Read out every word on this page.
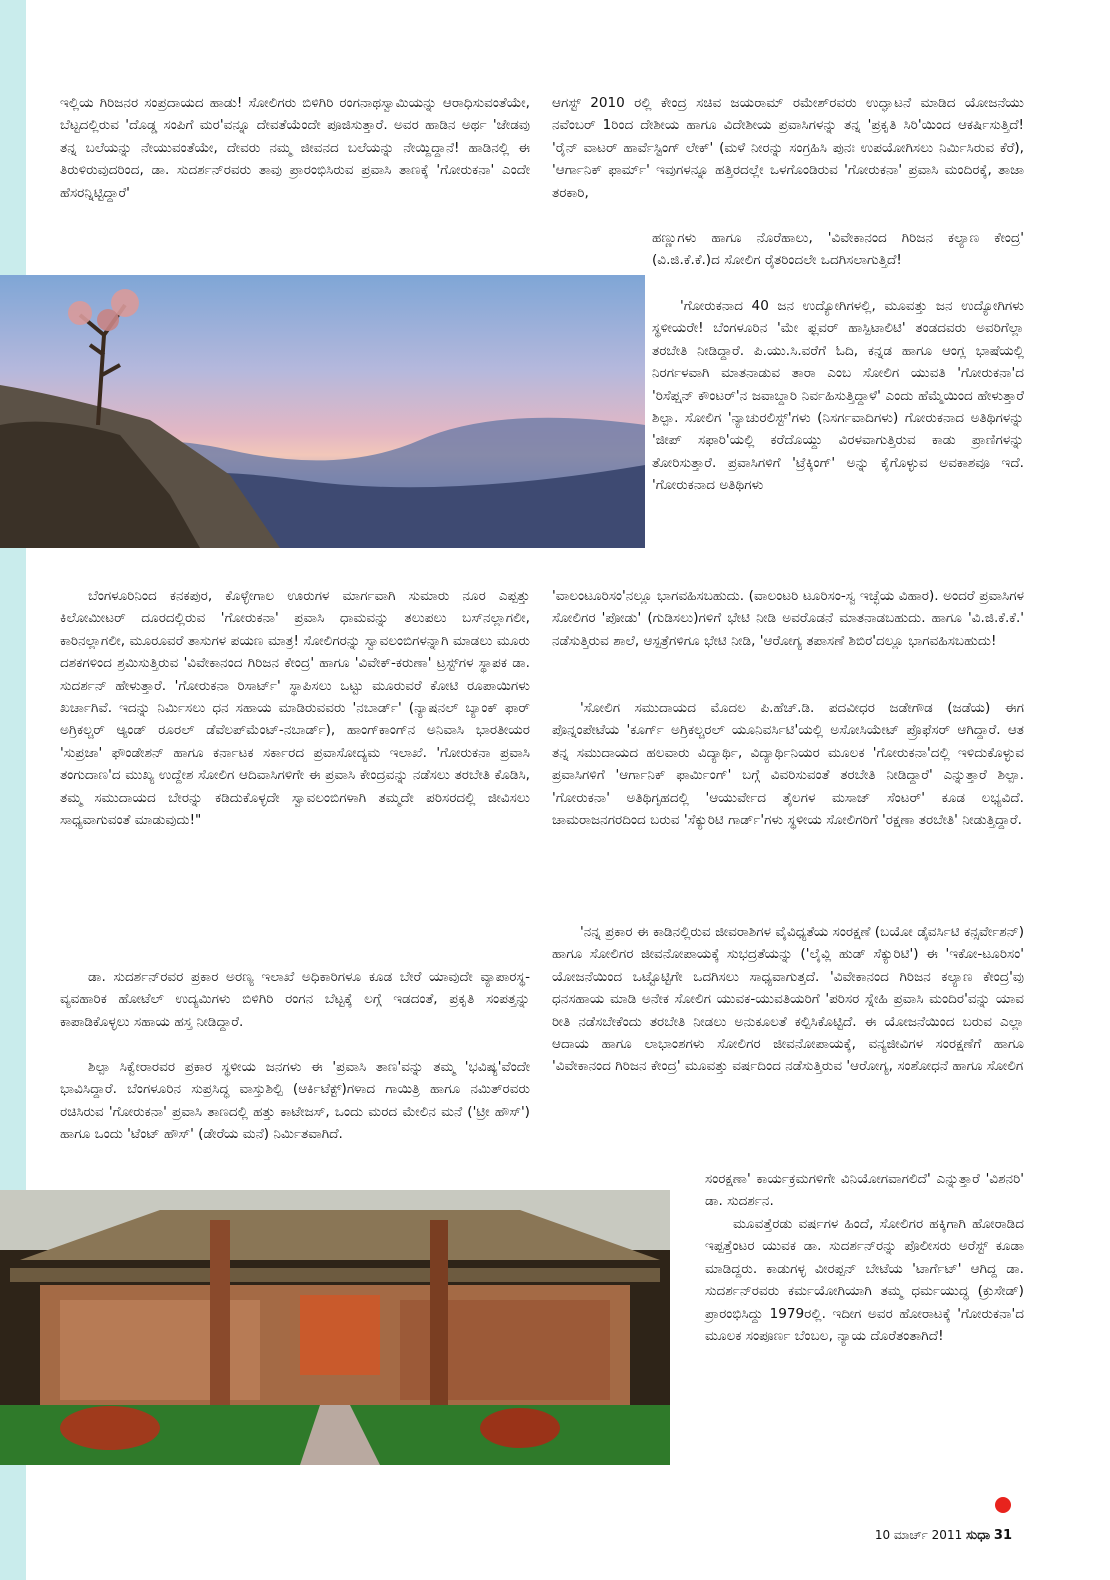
ಇಲ್ಲಿಯ ಗಿರಿಜನರ ಸಂಪ್ರದಾಯದ ಹಾಡು! ಸೋಲಿಗರು ಬಿಳಿಗಿರಿ ರಂಗನಾಥಸ್ವಾಮಿಯನ್ನು ಆರಾಧಿಸುವಂತೆಯೇ, ಬೆಟ್ಟದಲ್ಲಿರುವ 'ದೊಡ್ಡ ಸಂಪಿಗೆ ಮರ'ವನ್ನೂ ದೇವತೆಯೆಂದೇ ಪೂಜಿಸುತ್ತಾರೆ. ಅವರ ಹಾಡಿನ ಅರ್ಥ 'ಜೇಡವು ತನ್ನ ಬಲೆಯನ್ನು ನೇಯುವಂತೆಯೇ, ದೇವರು ನಮ್ಮ ಜೀವನದ ಬಲೆಯನ್ನು ನೇಯ್ದಿದ್ದಾನೆ! ಹಾಡಿನಲ್ಲಿ ಈ ತಿರುಳಿರುವುದರಿಂದ, ಡಾ. ಸುದರ್ಶನ್‌ರವರು ತಾವು ಪ್ರಾರಂಭಿಸಿರುವ ಪ್ರವಾಸಿ ತಾಣಕ್ಕೆ 'ಗೋರುಕನಾ' ಎಂದೇ ಹೆಸರನ್ನಿಟ್ಟಿದ್ದಾರೆ'

ಆಗಸ್ಟ್ 2010 ರಲ್ಲಿ ಕೇಂದ್ರ ಸಚಿವ ಜಯರಾಮ್ ರಮೇಶ್‌ರವರು ಉದ್ಘಾಟನೆ ಮಾಡಿದ ಯೋಜನೆಯು ನವೆಂಬರ್ 1ರಿಂದ ದೇಶೀಯ ಹಾಗೂ ವಿದೇಶೀಯ ಪ್ರವಾಸಿಗಳನ್ನು ತನ್ನ 'ಪ್ರಕೃತಿ ಸಿರಿ'ಯಿಂದ ಆಕರ್ಷಿಸುತ್ತಿದೆ! 'ರೈನ್ ವಾಟರ್ ಹಾರ್ವೆಸ್ಟಿಂಗ್ ಲೇಕ್' (ಮಳೆ ನೀರನ್ನು ಸಂಗ್ರಹಿಸಿ ಪುನಃ ಉಪಯೋಗಿಸಲು ನಿರ್ಮಿಸಿರುವ ಕೆರೆ), 'ಆರ್ಗಾನಿಕ್ ಫಾರ್ಮ್' ಇವುಗಳನ್ನೂ ಹತ್ತಿರದಲ್ಲೇ ಒಳಗೊಂಡಿರುವ 'ಗೋರುಕನಾ' ಪ್ರವಾಸಿ ಮಂದಿರಕ್ಕೆ, ತಾಜಾ ತರಕಾರಿ,

ಹಣ್ಣುಗಳು ಹಾಗೂ ನೊರೆಹಾಲು, 'ವಿವೇಕಾನಂದ ಗಿರಿಜನ ಕಲ್ಯಾಣ ಕೇಂದ್ರ' (ವಿ.ಜಿ.ಕೆ.ಕೆ.)ದ ಸೋಲಿಗ ರೈತರಿಂದಲೇ ಒದಗಿಸಲಾಗುತ್ತಿದೆ!

'ಗೋರುಕನಾದ 40 ಜನ ಉದ್ಯೋಗಿಗಳಲ್ಲಿ, ಮೂವತ್ತು ಜನ ಉದ್ಯೋಗಿಗಳು ಸ್ಥಳೀಯರೇ! ಬೆಂಗಳೂರಿನ 'ಮೇ ಫ್ಲವರ್ ಹಾಸ್ಪಿಟಾಲಿಟಿ' ತಂಡದವರು ಅವರಿಗೆಲ್ಲಾ ತರಬೇತಿ ನೀಡಿದ್ದಾರೆ. ಪಿ.ಯು.ಸಿ.ವರೆಗೆ ಓದಿ, ಕನ್ನಡ ಹಾಗೂ ಆಂಗ್ಲ ಭಾಷೆಯಲ್ಲಿ ನಿರರ್ಗಳವಾಗಿ ಮಾತನಾಡುವ ತಾರಾ ಎಂಬ ಸೋಲಿಗ ಯುವತಿ 'ಗೋರುಕನಾ'ದ 'ರಿಸೆಪ್ಷನ್ ಕೌಂಟರ್'ನ ಜವಾಬ್ದಾರಿ ನಿರ್ವಹಿಸುತ್ತಿದ್ದಾಳೆ' ಎಂದು ಹೆಮ್ಮೆಯಿಂದ ಹೇಳುತ್ತಾರೆ ಶಿಲ್ಪಾ. ಸೋಲಿಗ 'ನ್ಯಾಚುರಲಿಸ್ಟ್'ಗಳು (ನಿಸರ್ಗವಾದಿಗಳು) ಗೋರುಕನಾದ ಅತಿಥಿಗಳನ್ನು 'ಜೀಪ್ ಸಫಾರಿ'ಯಲ್ಲಿ ಕರೆದೊಯ್ದು ವಿರಳವಾಗುತ್ತಿರುವ ಕಾಡು ಪ್ರಾಣಿಗಳನ್ನು ತೋರಿಸುತ್ತಾರೆ. ಪ್ರವಾಸಿಗಳಿಗೆ 'ಟ್ರೆಕ್ಕಿಂಗ್' ಅನ್ನು ಕೈಗೊಳ್ಳುವ ಅವಕಾಶವೂ ಇದೆ. 'ಗೋರುಕನಾದ ಅತಿಥಿಗಳು

'ವಾಲಂಟೂರಿಸಂ'ನಲ್ಲೂ ಭಾಗವಹಿಸಬಹುದು. (ವಾಲಂಟರಿ ಟೂರಿಸಂ-ಸ್ವ ಇಚ್ಛೆಯ ವಿಹಾರ). ಅಂದರೆ ಪ್ರವಾಸಿಗಳ ಸೋಲಿಗರ 'ಪೋಡು' (ಗುಡಿಸಲು)ಗಳಿಗೆ ಭೇಟಿ ನೀಡಿ ಅವರೊಡನೆ ಮಾತನಾಡಬಹುದು. ಹಾಗೂ 'ವಿ.ಜಿ.ಕೆ.ಕೆ.' ನಡೆಸುತ್ತಿರುವ ಶಾಲೆ, ಆಸ್ಪತ್ರೆಗಳಿಗೂ ಭೇಟಿ ನೀಡಿ, 'ಆರೋಗ್ಯ ತಪಾಸಣೆ ಶಿಬಿರ'ದಲ್ಲೂ ಭಾಗವಹಿಸಬಹುದು!

'ಸೋಲಿಗ ಸಮುದಾಯದ ಮೊದಲ ಪಿ.ಹೆಚ್.ಡಿ. ಪದವೀಧರ ಜಡೇಗೌಡ (ಜಡೆಯ) ಈಗ ಪೊನ್ನಂಪೇಟೆಯ 'ಕೂರ್ಗ್ ಅಗ್ರಿಕಲ್ಚರಲ್ ಯೂನಿವರ್ಸಿಟಿ'ಯಲ್ಲಿ ಅಸೋಸಿಯೇಟ್ ಪ್ರೊಫೆಸರ್ ಆಗಿದ್ದಾರೆ. ಆತ ತನ್ನ ಸಮುದಾಯದ ಹಲವಾರು ವಿದ್ಯಾರ್ಥಿ, ವಿದ್ಯಾರ್ಥಿನಿಯರ ಮೂಲಕ 'ಗೋರುಕನಾ'ದಲ್ಲಿ ಇಳಿದುಕೊಳ್ಳುವ ಪ್ರವಾಸಿಗಳಿಗೆ 'ಆರ್ಗಾನಿಕ್ ಫಾರ್ಮಿಂಗ್' ಬಗ್ಗೆ ವಿವರಿಸುವಂತೆ ತರಬೇತಿ ನೀಡಿದ್ದಾರೆ' ಎನ್ನುತ್ತಾರೆ ಶಿಲ್ಪಾ. 'ಗೋರುಕನಾ' ಅತಿಥಿಗೃಹದಲ್ಲಿ 'ಆಯುರ್ವೇದ ತೈಲಗಳ ಮಸಾಜ್ ಸೆಂಟರ್' ಕೂಡ ಲಭ್ಯವಿದೆ. ಚಾಮರಾಜನಗರದಿಂದ ಬರುವ 'ಸೆಕ್ಯುರಿಟಿ ಗಾರ್ಡ್'ಗಳು ಸ್ಥಳೀಯ ಸೋಲಿಗರಿಗೆ 'ರಕ್ಷಣಾ ತರಬೇತಿ' ನೀಡುತ್ತಿದ್ದಾರೆ.

'ನನ್ನ ಪ್ರಕಾರ ಈ ಕಾಡಿನಲ್ಲಿರುವ ಜೀವರಾಶಿಗಳ ವೈವಿಧ್ಯತೆಯ ಸಂರಕ್ಷಣೆ (ಬಯೋ ಡೈವರ್ಸಿಟಿ ಕನ್ಸರ್ವೇಶನ್) ಹಾಗೂ ಸೋಲಿಗರ ಜೀವನೋಪಾಯಕ್ಕೆ ಸುಭದ್ರತೆಯನ್ನು ('ಲೈವ್ಲಿ ಹುಡ್ ಸೆಕ್ಯುರಿಟಿ') ಈ 'ಇಕೋ-ಟೂರಿಸಂ' ಯೋಜನೆಯಿಂದ ಒಟ್ಟೊಟ್ಟಿಗೇ ಒದಗಿಸಲು ಸಾಧ್ಯವಾಗುತ್ತದೆ. 'ವಿವೇಕಾನಂದ ಗಿರಿಜನ ಕಲ್ಯಾಣ ಕೇಂದ್ರ'ವು ಧನಸಹಾಯ ಮಾಡಿ ಅನೇಕ ಸೋಲಿಗ ಯುವಕ-ಯುವತಿಯರಿಗೆ 'ಪರಿಸರ ಸ್ನೇಹಿ ಪ್ರವಾಸಿ ಮಂದಿರ'ವನ್ನು ಯಾವ ರೀತಿ ನಡೆಸಬೇಕೆಂದು ತರಬೇತಿ ನೀಡಲು ಅನುಕೂಲತೆ ಕಲ್ಪಿಸಿಕೊಟ್ಟಿದೆ. ಈ ಯೋಜನೆಯಿಂದ ಬರುವ ಎಲ್ಲಾ ಆದಾಯ ಹಾಗೂ ಲಾಭಾಂಶಗಳು ಸೋಲಿಗರ ಜೀವನೋಪಾಯಕ್ಕೆ, ವನ್ಯಜೀವಿಗಳ ಸಂರಕ್ಷಣೆಗೆ ಹಾಗೂ 'ವಿವೇಕಾನಂದ ಗಿರಿಜನ ಕೇಂದ್ರ' ಮೂವತ್ತು ವರ್ಷದಿಂದ ನಡೆಸುತ್ತಿರುವ 'ಆರೋಗ್ಯ, ಸಂಶೋಧನೆ ಹಾಗೂ ಸೋಲಿಗ

ಬೆಂಗಳೂರಿನಿಂದ ಕನಕಪುರ, ಕೊಳ್ಳೇಗಾಲ ಊರುಗಳ ಮಾರ್ಗವಾಗಿ ಸುಮಾರು ನೂರ ಎಪ್ಪತ್ತು ಕಿಲೋಮೀಟರ್ ದೂರದಲ್ಲಿರುವ 'ಗೋರುಕನಾ' ಪ್ರವಾಸಿ ಧಾಮವನ್ನು ತಲುಪಲು ಬಸ್‌ನಲ್ಲಾಗಲೀ, ಕಾರಿನಲ್ಲಾಗಲೀ, ಮೂರೂವರೆ ತಾಸುಗಳ ಪಯಣ ಮಾತ್ರ! ಸೋಲಿಗರನ್ನು ಸ್ವಾವಲಂಬಿಗಳನ್ನಾಗಿ ಮಾಡಲು ಮೂರು ದಶಕಗಳಿಂದ ಶ್ರಮಿಸುತ್ತಿರುವ 'ವಿವೇಕಾನಂದ ಗಿರಿಜನ ಕೇಂದ್ರ' ಹಾಗೂ 'ವಿವೇಕ್-ಕರುಣಾ' ಟ್ರಸ್ಟ್‌ಗಳ ಸ್ಥಾಪಕ ಡಾ. ಸುದರ್ಶನ್ ಹೇಳುತ್ತಾರೆ. 'ಗೋರುಕನಾ ರಿಸಾರ್ಟ್' ಸ್ಥಾಪಿಸಲು ಒಟ್ಟು ಮೂರುವರೆ ಕೋಟಿ ರೂಪಾಯಿಗಳು ಖರ್ಚಾಗಿವೆ. ಇದನ್ನು ನಿರ್ಮಿಸಲು ಧನ ಸಹಾಯ ಮಾಡಿರುವವರು 'ನಬಾರ್ಡ್' (ನ್ಯಾಷನಲ್ ಬ್ಯಾಂಕ್ ಫಾರ್ ಅಗ್ರಿಕಲ್ಚರ್ ಆ್ಯಂಡ್ ರೂರಲ್ ಡೆವೆಲಪ್‌ಮೆಂಟ್-ನಬಾರ್ಡ್), ಹಾಂಗ್‌ಕಾಂಗ್‌ನ ಅನಿವಾಸಿ ಭಾರತೀಯರ 'ಸುಪ್ರಜಾ' ಫೌಂಡೇಶನ್ ಹಾಗೂ ಕರ್ನಾಟಕ ಸರ್ಕಾರದ ಪ್ರವಾಸೋದ್ಯಮ ಇಲಾಖೆ. 'ಗೋರುಕನಾ ಪ್ರವಾಸಿ ತಂಗುದಾಣ'ದ ಮುಖ್ಯ ಉದ್ದೇಶ ಸೋಲಿಗ ಆದಿವಾಸಿಗಳಿಗೇ ಈ ಪ್ರವಾಸಿ ಕೇಂದ್ರವನ್ನು ನಡೆಸಲು ತರಬೇತಿ ಕೊಡಿಸಿ, ತಮ್ಮ ಸಮುದಾಯದ ಬೇರನ್ನು ಕಡಿದುಕೊಳ್ಳದೇ ಸ್ವಾವಲಂಬಿಗಳಾಗಿ ತಮ್ಮದೇ ಪರಿಸರದಲ್ಲಿ ಜೀವಿಸಲು ಸಾಧ್ಯವಾಗುವಂತೆ ಮಾಡುವುದು!"

ಡಾ. ಸುದರ್ಶನ್‌ರವರ ಪ್ರಕಾರ ಅರಣ್ಯ ಇಲಾಖೆ ಅಧಿಕಾರಿಗಳೂ ಕೂಡ ಬೇರೆ ಯಾವುದೇ ವ್ಯಾಪಾರಸ್ಥ-ವ್ಯವಹಾರಿಕ ಹೋಟೆಲ್ ಉದ್ಯಮಿಗಳು ಬಿಳಿಗಿರಿ ರಂಗನ ಬೆಟ್ಟಕ್ಕೆ ಲಗ್ಗೆ ಇಡದಂತೆ, ಪ್ರಕೃತಿ ಸಂಪತ್ತನ್ನು ಕಾಪಾಡಿಕೊಳ್ಳಲು ಸಹಾಯ ಹಸ್ತ ನೀಡಿದ್ದಾರೆ.

ಶಿಲ್ಪಾ ಸಿಕ್ವೇರಾರವರ ಪ್ರಕಾರ ಸ್ಥಳೀಯ ಜನಗಳು ಈ 'ಪ್ರವಾಸಿ ತಾಣ'ವನ್ನು ತಮ್ಮ 'ಭವಿಷ್ಯ'ವೆಂದೇ ಭಾವಿಸಿದ್ದಾರೆ. ಬೆಂಗಳೂರಿನ ಸುಪ್ರಸಿದ್ಧ ವಾಸ್ತುಶಿಲ್ಪಿ (ಆರ್ಕಿಟೆಕ್ಟ್)ಗಳಾದ ಗಾಯಿತ್ರಿ ಹಾಗೂ ನಮಿತ್‌ರವರು ರಚಿಸಿರುವ 'ಗೋರುಕನಾ' ಪ್ರವಾಸಿ ತಾಣದಲ್ಲಿ ಹತ್ತು ಕಾಟೇಜಸ್, ಒಂದು ಮರದ ಮೇಲಿನ ಮನೆ ('ಟ್ರೀ ಹೌಸ್') ಹಾಗೂ ಒಂದು 'ಟೆಂಟ್ ಹೌಸ್' (ಡೇರೆಯ ಮನೆ) ನಿರ್ಮಿತವಾಗಿದೆ.

ಸಂರಕ್ಷಣಾ' ಕಾರ್ಯಕ್ರಮಗಳಿಗೇ ವಿನಿಯೋಗವಾಗಲಿದೆ' ಎನ್ನುತ್ತಾರೆ 'ವಿಶನರಿ' ಡಾ. ಸುದರ್ಶನ.

ಮೂವತ್ತೆರಡು ವರ್ಷಗಳ ಹಿಂದೆ, ಸೋಲಿಗರ ಹಕ್ಕಿಗಾಗಿ ಹೋರಾಡಿದ ಇಪ್ಪತ್ತೆಂಟರ ಯುವಕ ಡಾ. ಸುದರ್ಶನ್‌ರನ್ನು ಪೊಲೀಸರು ಅರೆಸ್ಟ್ ಕೂಡಾ ಮಾಡಿದ್ದರು. ಕಾಡುಗಳ್ಳ ವೀರಪ್ಪನ್‌ ಬೇಟೆಯ 'ಟಾರ್ಗೆಟ್' ಆಗಿದ್ದ ಡಾ. ಸುದರ್ಶನ್‌ರವರು ಕರ್ಮಯೋಗಿಯಾಗಿ ತಮ್ಮ ಧರ್ಮಯುದ್ಧ (ಕ್ರುಸೇಡ್) ಪ್ರಾರಂಭಿಸಿದ್ದು 1979ರಲ್ಲಿ. ಇದೀಗ ಅವರ ಹೋರಾಟಕ್ಕೆ 'ಗೋರುಕನಾ'ದ ಮೂಲಕ ಸಂಪೂರ್ಣ ಬೆಂಬಲ, ನ್ಯಾಯ ದೊರೆತಂತಾಗಿದೆ!

10 ಮಾರ್ಚ್ 2011 ಸುಧಾ 31
